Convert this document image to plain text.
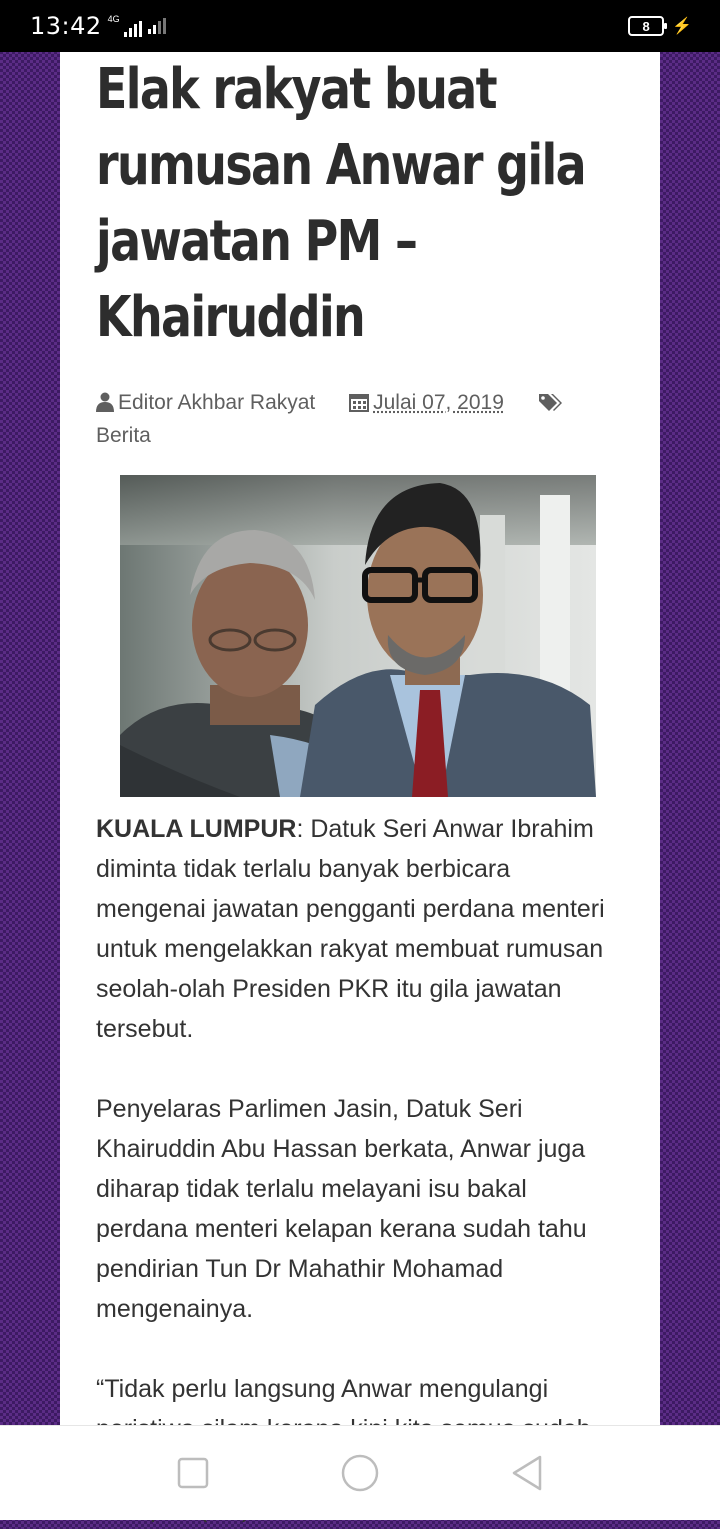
13:42 4G	8 ⚡
Elak rakyat buat rumusan Anwar gila jawatan PM – Khairuddin
Editor Akhbar Rakyat	Julai 07, 2019
Berita

KUALA LUMPUR: Datuk Seri Anwar Ibrahim diminta tidak terlalu banyak berbicara mengenai jawatan pengganti perdana menteri untuk mengelakkan rakyat membuat rumusan seolah-olah Presiden PKR itu gila jawatan tersebut.

Penyelaras Parlimen Jasin, Datuk Seri Khairuddin Abu Hassan berkata, Anwar juga diharap tidak terlalu melayani isu bakal perdana menteri kelapan kerana sudah tahu pendirian Tun Dr Mahathir Mohamad mengenainya.

“Tidak perlu langsung Anwar mengulangi
